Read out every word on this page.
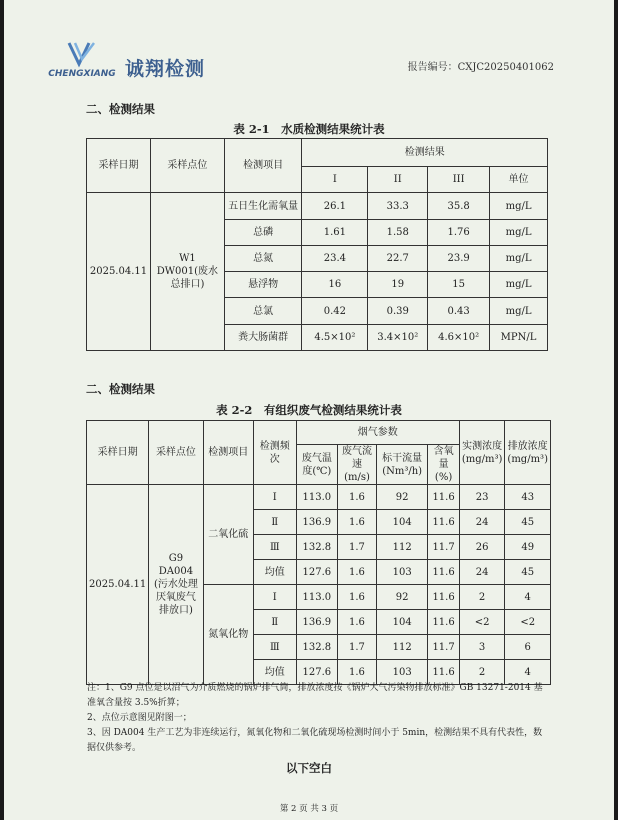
CHENGXIANG 诚翔检测	报告编号：CXJC20250401062
二、检测结果
表 2-1　水质检测结果统计表
采样日期	采样点位	检测项目	检测结果			
			I	II	III	单位
2025.04.11	W1 DW001(废水总排口)	五日生化需氧量	26.1	33.3	35.8	mg/L
		总磷	1.61	1.58	1.76	mg/L
		总氮	23.4	22.7	23.9	mg/L
		悬浮物	16	19	15	mg/L
		总氯	0.42	0.39	0.43	mg/L
		粪大肠菌群	4.5×10²	3.4×10²	4.6×10²	MPN/L
二、检测结果
表 2-2　有组织废气检测结果统计表
采样日期	采样点位	检测项目	检测频次	烟气参数				实测浓度(mg/m³)	排放浓度(mg/m³)
				废气温度(℃)	废气流速(m/s)	标干流量(Nm³/h)	含氧量(%)		
2025.04.11	G9 DA004 (污水处理厌氧废气排放口)	二氧化硫	Ⅰ	113.0	1.6	92	11.6	23	43
			Ⅱ	136.9	1.6	104	11.6	24	45
			Ⅲ	132.8	1.7	112	11.7	26	49
			均值	127.6	1.6	103	11.6	24	45
		氮氧化物	Ⅰ	113.0	1.6	92	11.6	2	4
			Ⅱ	136.9	1.6	104	11.6	<2	<2
			Ⅲ	132.8	1.7	112	11.7	3	6
			均值	127.6	1.6	103	11.6	2	4
注：1、G9 点位是以沼气为介质燃烧的锅炉排气筒，排放浓度按《锅炉大气污染物排放标准》GB 13271-2014 基准氧含量按 3.5%折算；
2、点位示意图见附图一；
3、因 DA004 生产工艺为非连续运行，氮氧化物和二氧化硫现场检测时间小于 5min，检测结果不具有代表性，数据仅供参考。
以下空白
第 2 页 共 3 页
